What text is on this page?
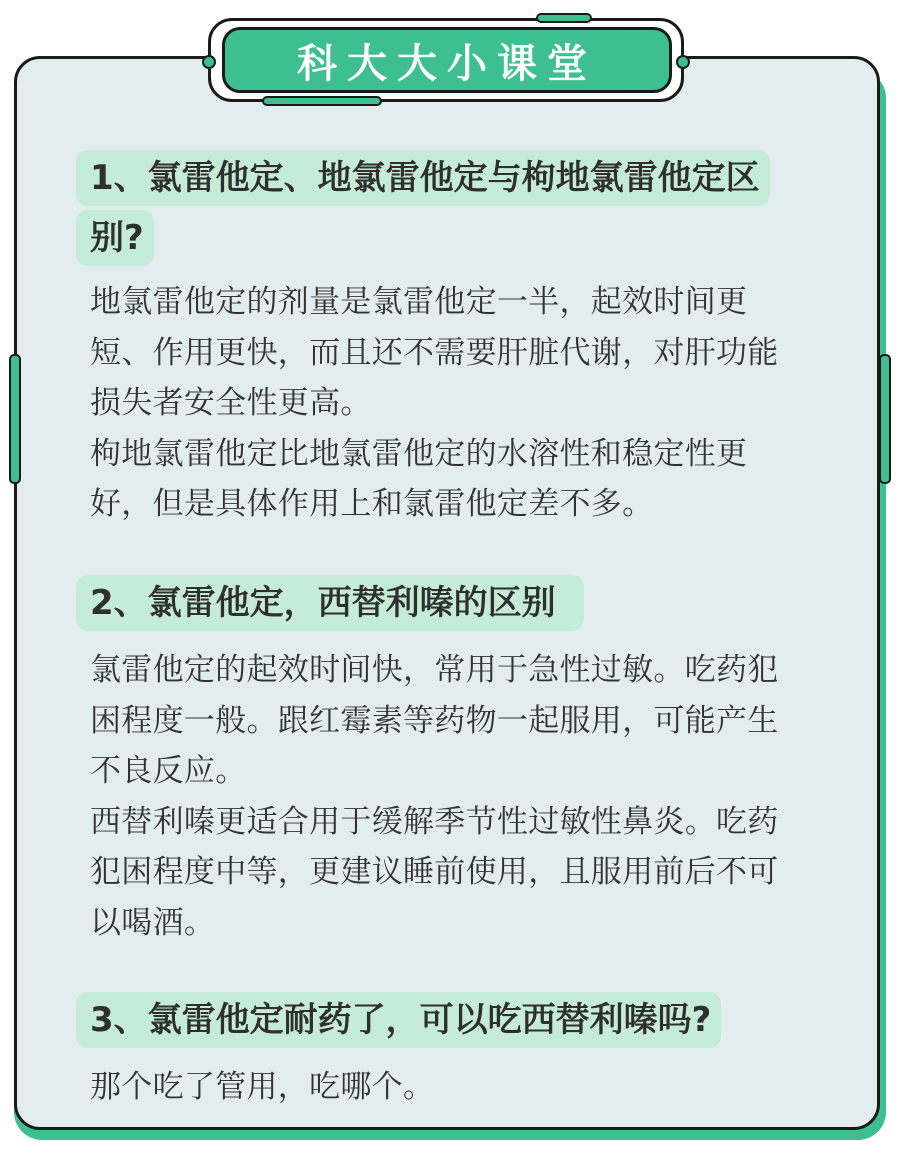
科大大小课堂
1、氯雷他定、地氯雷他定与枸地氯雷他定区
别?
地氯雷他定的剂量是氯雷他定一半，起效时间更
短、作用更快，而且还不需要肝脏代谢，对肝功能
损失者安全性更高。
枸地氯雷他定比地氯雷他定的水溶性和稳定性更
好，但是具体作用上和氯雷他定差不多。
2、氯雷他定，西替利嗪的区别
氯雷他定的起效时间快，常用于急性过敏。吃药犯
困程度一般。跟红霉素等药物一起服用，可能产生
不良反应。
西替利嗪更适合用于缓解季节性过敏性鼻炎。吃药
犯困程度中等，更建议睡前使用，且服用前后不可
以喝酒。
3、氯雷他定耐药了，可以吃西替利嗪吗?
那个吃了管用，吃哪个。
